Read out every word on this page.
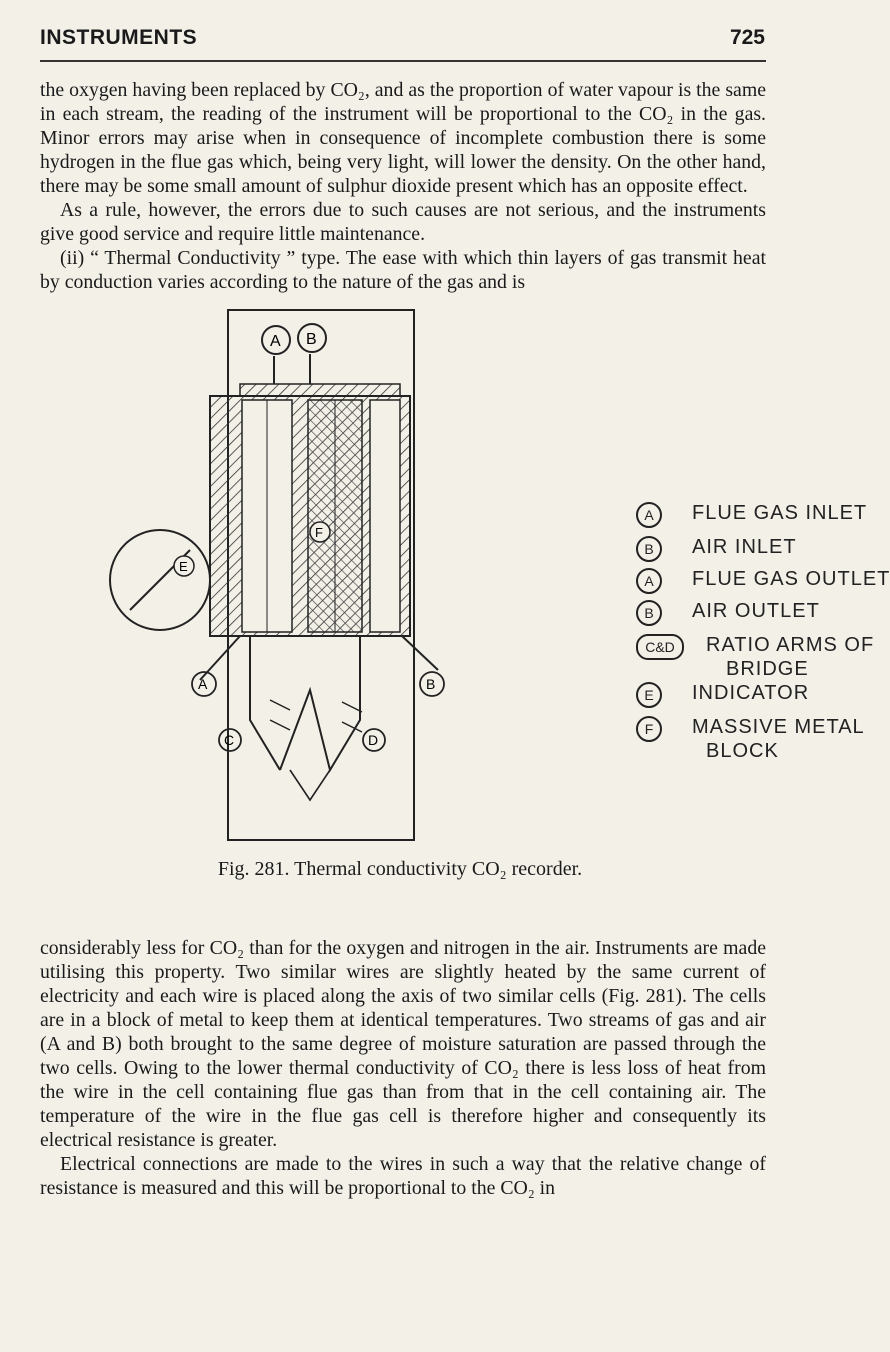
INSTRUMENTS	725

the oxygen having been replaced by CO₂, and as the proportion of water vapour is the same in each stream, the reading of the instrument will be proportional to the CO₂ in the gas. Minor errors may arise when in consequence of incomplete combustion there is some hydrogen in the flue gas which, being very light, will lower the density. On the other hand, there may be some small amount of sulphur dioxide present which has an opposite effect.

As a rule, however, the errors due to such causes are not serious, and the instruments give good service and require little maintenance.

(ii) “ Thermal Conductivity ” type. The ease with which thin layers of gas transmit heat by conduction varies according to the nature of the gas and is

A B
F
E
A	B
C	D
A	FLUE GAS INLET
B	AIR INLET
A	FLUE GAS OUTLET
B	AIR OUTLET
C&D	RATIO ARMS OF
BRIDGE
E	INDICATOR
F	MASSIVE METAL
BLOCK
Fig. 281. Thermal conductivity CO₂ recorder.

considerably less for CO₂ than for the oxygen and nitrogen in the air. Instruments are made utilising this property. Two similar wires are slightly heated by the same current of electricity and each wire is placed along the axis of two similar cells (Fig. 281). The cells are in a block of metal to keep them at identical temperatures. Two streams of gas and air (A and B) both brought to the same degree of moisture saturation are passed through the two cells. Owing to the lower thermal conductivity of CO₂ there is less loss of heat from the wire in the cell containing flue gas than from that in the cell containing air. The temperature of the wire in the flue gas cell is therefore higher and consequently its electrical resistance is greater.

Electrical connections are made to the wires in such a way that the relative change of resistance is measured and this will be proportional to the CO₂ in
